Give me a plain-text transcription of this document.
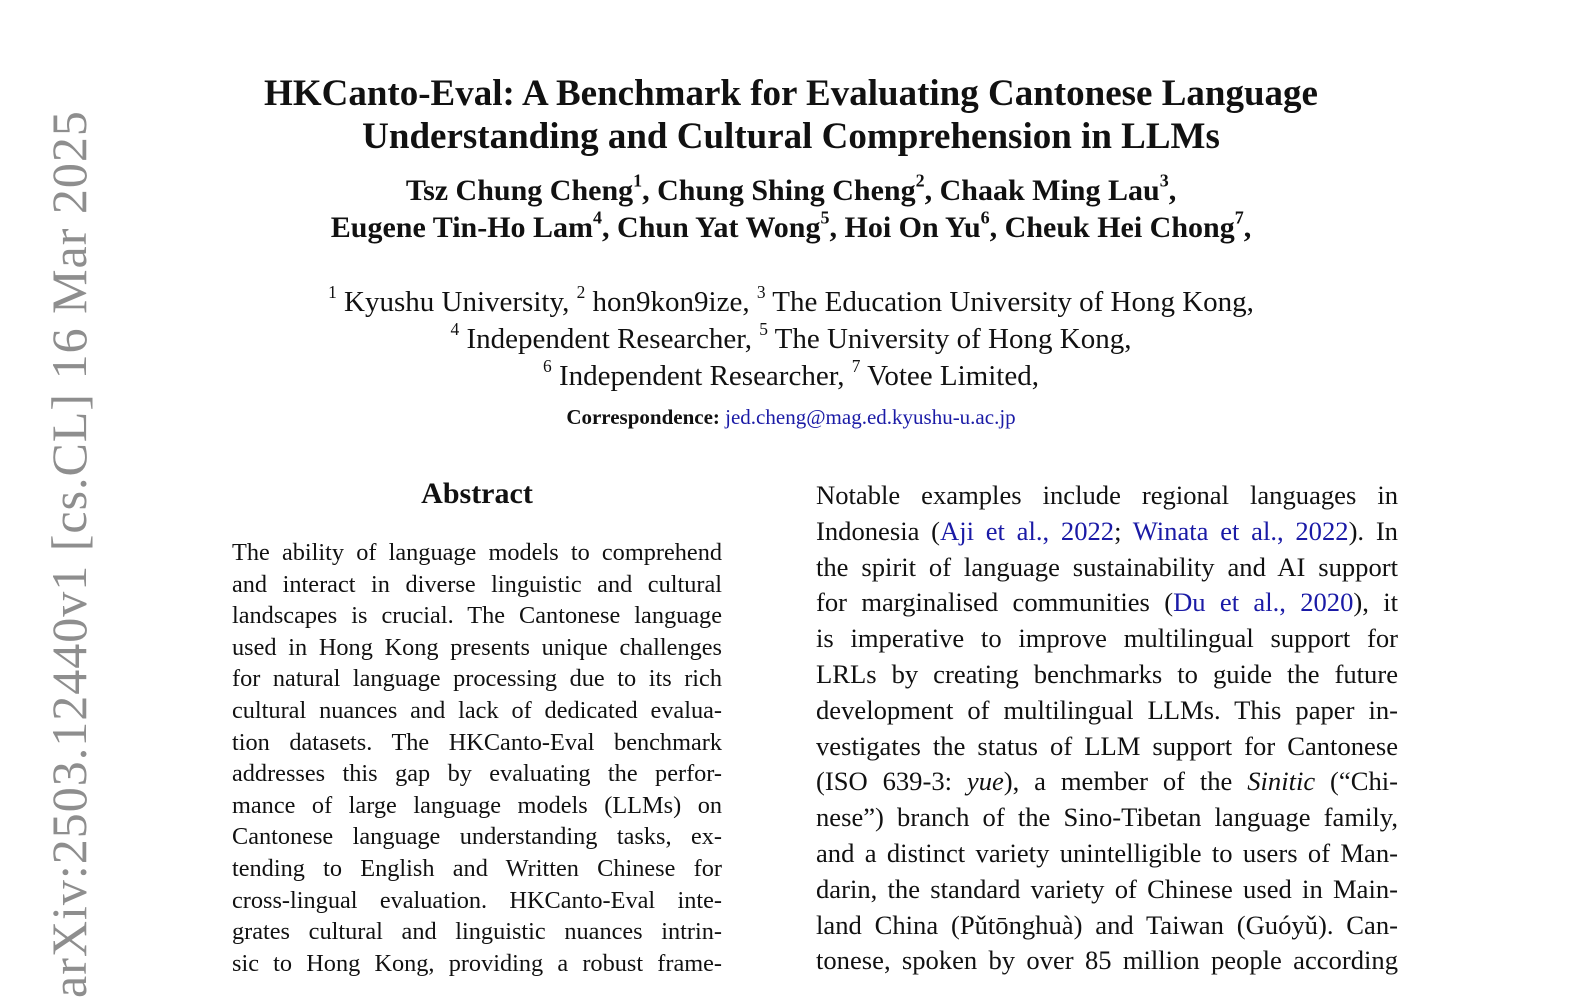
HKCanto-Eval: A Benchmark for Evaluating Cantonese Language
Understanding and Cultural Comprehension in LLMs
Tsz Chung Cheng$^1$, Chung Shing Cheng$^2$, Chaak Ming Lau$^3$,
Eugene Tin-Ho Lam$^4$, Chun Yat Wong$^5$, Hoi On Yu$^6$, Cheuk Hei Chong$^7$,
$^1$ Kyushu University, $^2$ hon9kon9ize, $^3$ The Education University of Hong Kong,
$^4$ Independent Researcher, $^5$ The University of Hong Kong,
$^6$ Independent Researcher, $^7$ Votee Limited,
Correspondence: jed.cheng@mag.ed.kyushu-u.ac.jp
Abstract
The ability of language models to comprehend
and interact in diverse linguistic and cultural
landscapes is crucial. The Cantonese language
used in Hong Kong presents unique challenges
for natural language processing due to its rich
cultural nuances and lack of dedicated evalua-
tion datasets. The HKCanto-Eval benchmark
addresses this gap by evaluating the perfor-
mance of large language models (LLMs) on
Cantonese language understanding tasks, ex-
tending to English and Written Chinese for
cross-lingual evaluation. HKCanto-Eval inte-
grates cultural and linguistic nuances intrin-
sic to Hong Kong, providing a robust frame-
Notable examples include regional languages in
Indonesia (Aji et al., 2022; Winata et al., 2022). In
the spirit of language sustainability and AI support
for marginalised communities (Du et al., 2020), it
is imperative to improve multilingual support for
LRLs by creating benchmarks to guide the future
development of multilingual LLMs. This paper in-
vestigates the status of LLM support for Cantonese
(ISO 639-3: yue), a member of the Sinitic (“Chi-
nese”) branch of the Sino-Tibetan language family,
and a distinct variety unintelligible to users of Man-
darin, the standard variety of Chinese used in Main-
land China (Pǔtōnghuà) and Taiwan (Guóyǔ). Can-
tonese, spoken by over 85 million people according
arXiv:2503.12440v1 [cs.CL] 16 Mar 2025
